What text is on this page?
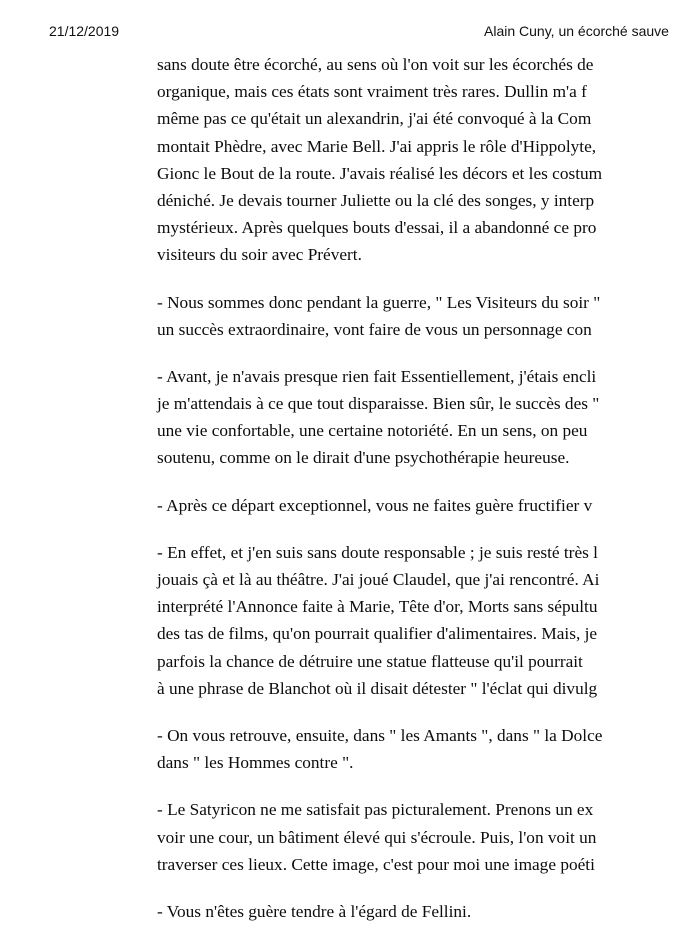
21/12/2019	Alain Cuny, un écorché sauve
sans doute être écorché, au sens où l'on voit sur les écorchés de
organique, mais ces états sont vraiment très rares. Dullin m'a f
même pas ce qu'était un alexandrin, j'ai été convoqué à la Com
montait Phèdre, avec Marie Bell. J'ai appris le rôle d'Hippolyte,
Gionc le Bout de la route. J'avais réalisé les décors et les costum
déniché. Je devais tourner Juliette ou la clé des songes, y interp
mystérieux. Après quelques bouts d'essai, il a abandonné ce pro
visiteurs du soir avec Prévert.
- Nous sommes donc pendant la guerre, " Les Visiteurs du soir "
un succès extraordinaire, vont faire de vous un personnage con
- Avant, je n'avais presque rien fait Essentiellement, j'étais encli
je m'attendais à ce que tout disparaisse. Bien sûr, le succès des "
une vie confortable, une certaine notoriété. En un sens, on peu
soutenu, comme on le dirait d'une psychothérapie heureuse.
- Après ce départ exceptionnel, vous ne faites guère fructifier v
- En effet, et j'en suis sans doute responsable ; je suis resté très l
jouais çà et là au théâtre. J'ai joué Claudel, que j'ai rencontré. Ai
interprété l'Annonce faite à Marie, Tête d'or, Morts sans sépultu
des tas de films, qu'on pourrait qualifier d'alimentaires. Mais, je
parfois la chance de détruire une statue flatteuse qu'il pourrait
à une phrase de Blanchot où il disait détester " l'éclat qui divulg
- On vous retrouve, ensuite, dans " les Amants ", dans " la Dolce
dans " les Hommes contre ".
- Le Satyricon ne me satisfait pas picturalement. Prenons un ex
voir une cour, un bâtiment élevé qui s'écroule. Puis, l'on voit un
traverser ces lieux. Cette image, c'est pour moi une image poéti
- Vous n'êtes guère tendre à l'égard de Fellini.
